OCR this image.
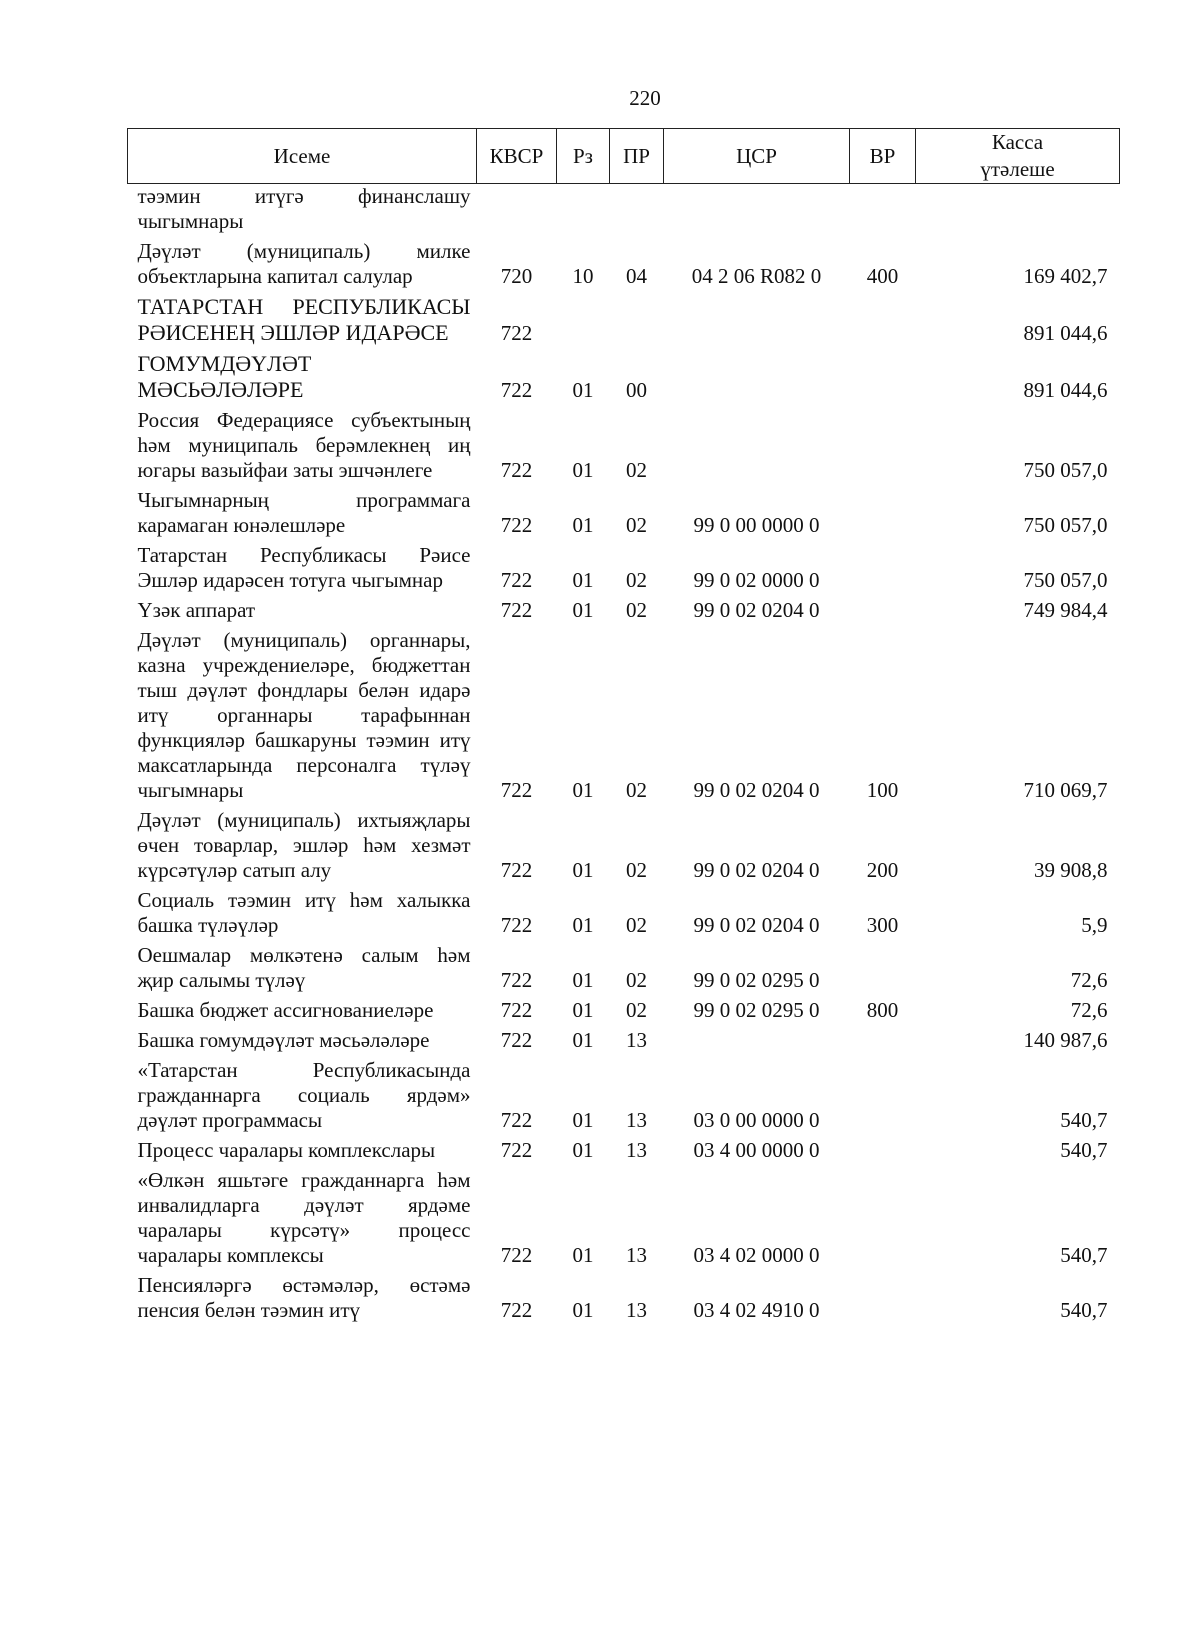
220
Исеме	КВСР	Рз	ПР	ЦСР	ВР	Касса
үтәлеше

тәэмин итүгә финанслашу чыгымнары						
Дәүләт (муниципаль) милке объектларына капитал салулар	720	10	04	04 2 06 R082 0	400	169 402,7
ТАТАРСТАН РЕСПУБЛИКАСЫ РӘИСЕНЕҢ ЭШЛӘР ИДАРӘСЕ	722					891 044,6
ГОМУМДӘҮЛӘТ МӘСЬӘЛӘЛӘРЕ	722	01	00			891 044,6
Россия Федерациясе субъектының һәм муниципаль берәмлекнең иң югары вазыйфаи заты эшчәнлеге	722	01	02			750 057,0
Чыгымнарның программага карамаган юнәлешләре	722	01	02	99 0 00 0000 0		750 057,0
Татарстан Республикасы Рәисе Эшләр идарәсен тотуга чыгымнар	722	01	02	99 0 02 0000 0		750 057,0
Үзәк аппарат	722	01	02	99 0 02 0204 0		749 984,4
Дәүләт (муниципаль) органнары, казна учреждениеләре, бюджеттан тыш дәүләт фондлары белән идарә итү органнары тарафыннан функцияләр башкаруны тәэмин итү максатларында персоналга түләү чыгымнары	722	01	02	99 0 02 0204 0	100	710 069,7
Дәүләт (муниципаль) ихтыяҗлары өчен товарлар, эшләр һәм хезмәт күрсәтүләр сатып алу	722	01	02	99 0 02 0204 0	200	39 908,8
Социаль тәэмин итү һәм халыкка башка түләүләр	722	01	02	99 0 02 0204 0	300	5,9
Оешмалар мөлкәтенә салым һәм җир салымы түләү	722	01	02	99 0 02 0295 0		72,6
Башка бюджет ассигнованиеләре	722	01	02	99 0 02 0295 0	800	72,6
Башка гомумдәүләт мәсьәләләре	722	01	13			140 987,6
«Татарстан Республикасында гражданнарга социаль ярдәм» дәүләт программасы	722	01	13	03 0 00 0000 0		540,7
Процесс чаралары комплекслары	722	01	13	03 4 00 0000 0		540,7
«Өлкән яшьтәге гражданнарга һәм инвалидларга дәүләт ярдәме чаралары күрсәтү» процесс чаралары комплексы	722	01	13	03 4 02 0000 0		540,7
Пенсияләргә өстәмәләр, өстәмә пенсия белән тәэмин итү	722	01	13	03 4 02 4910 0		540,7
